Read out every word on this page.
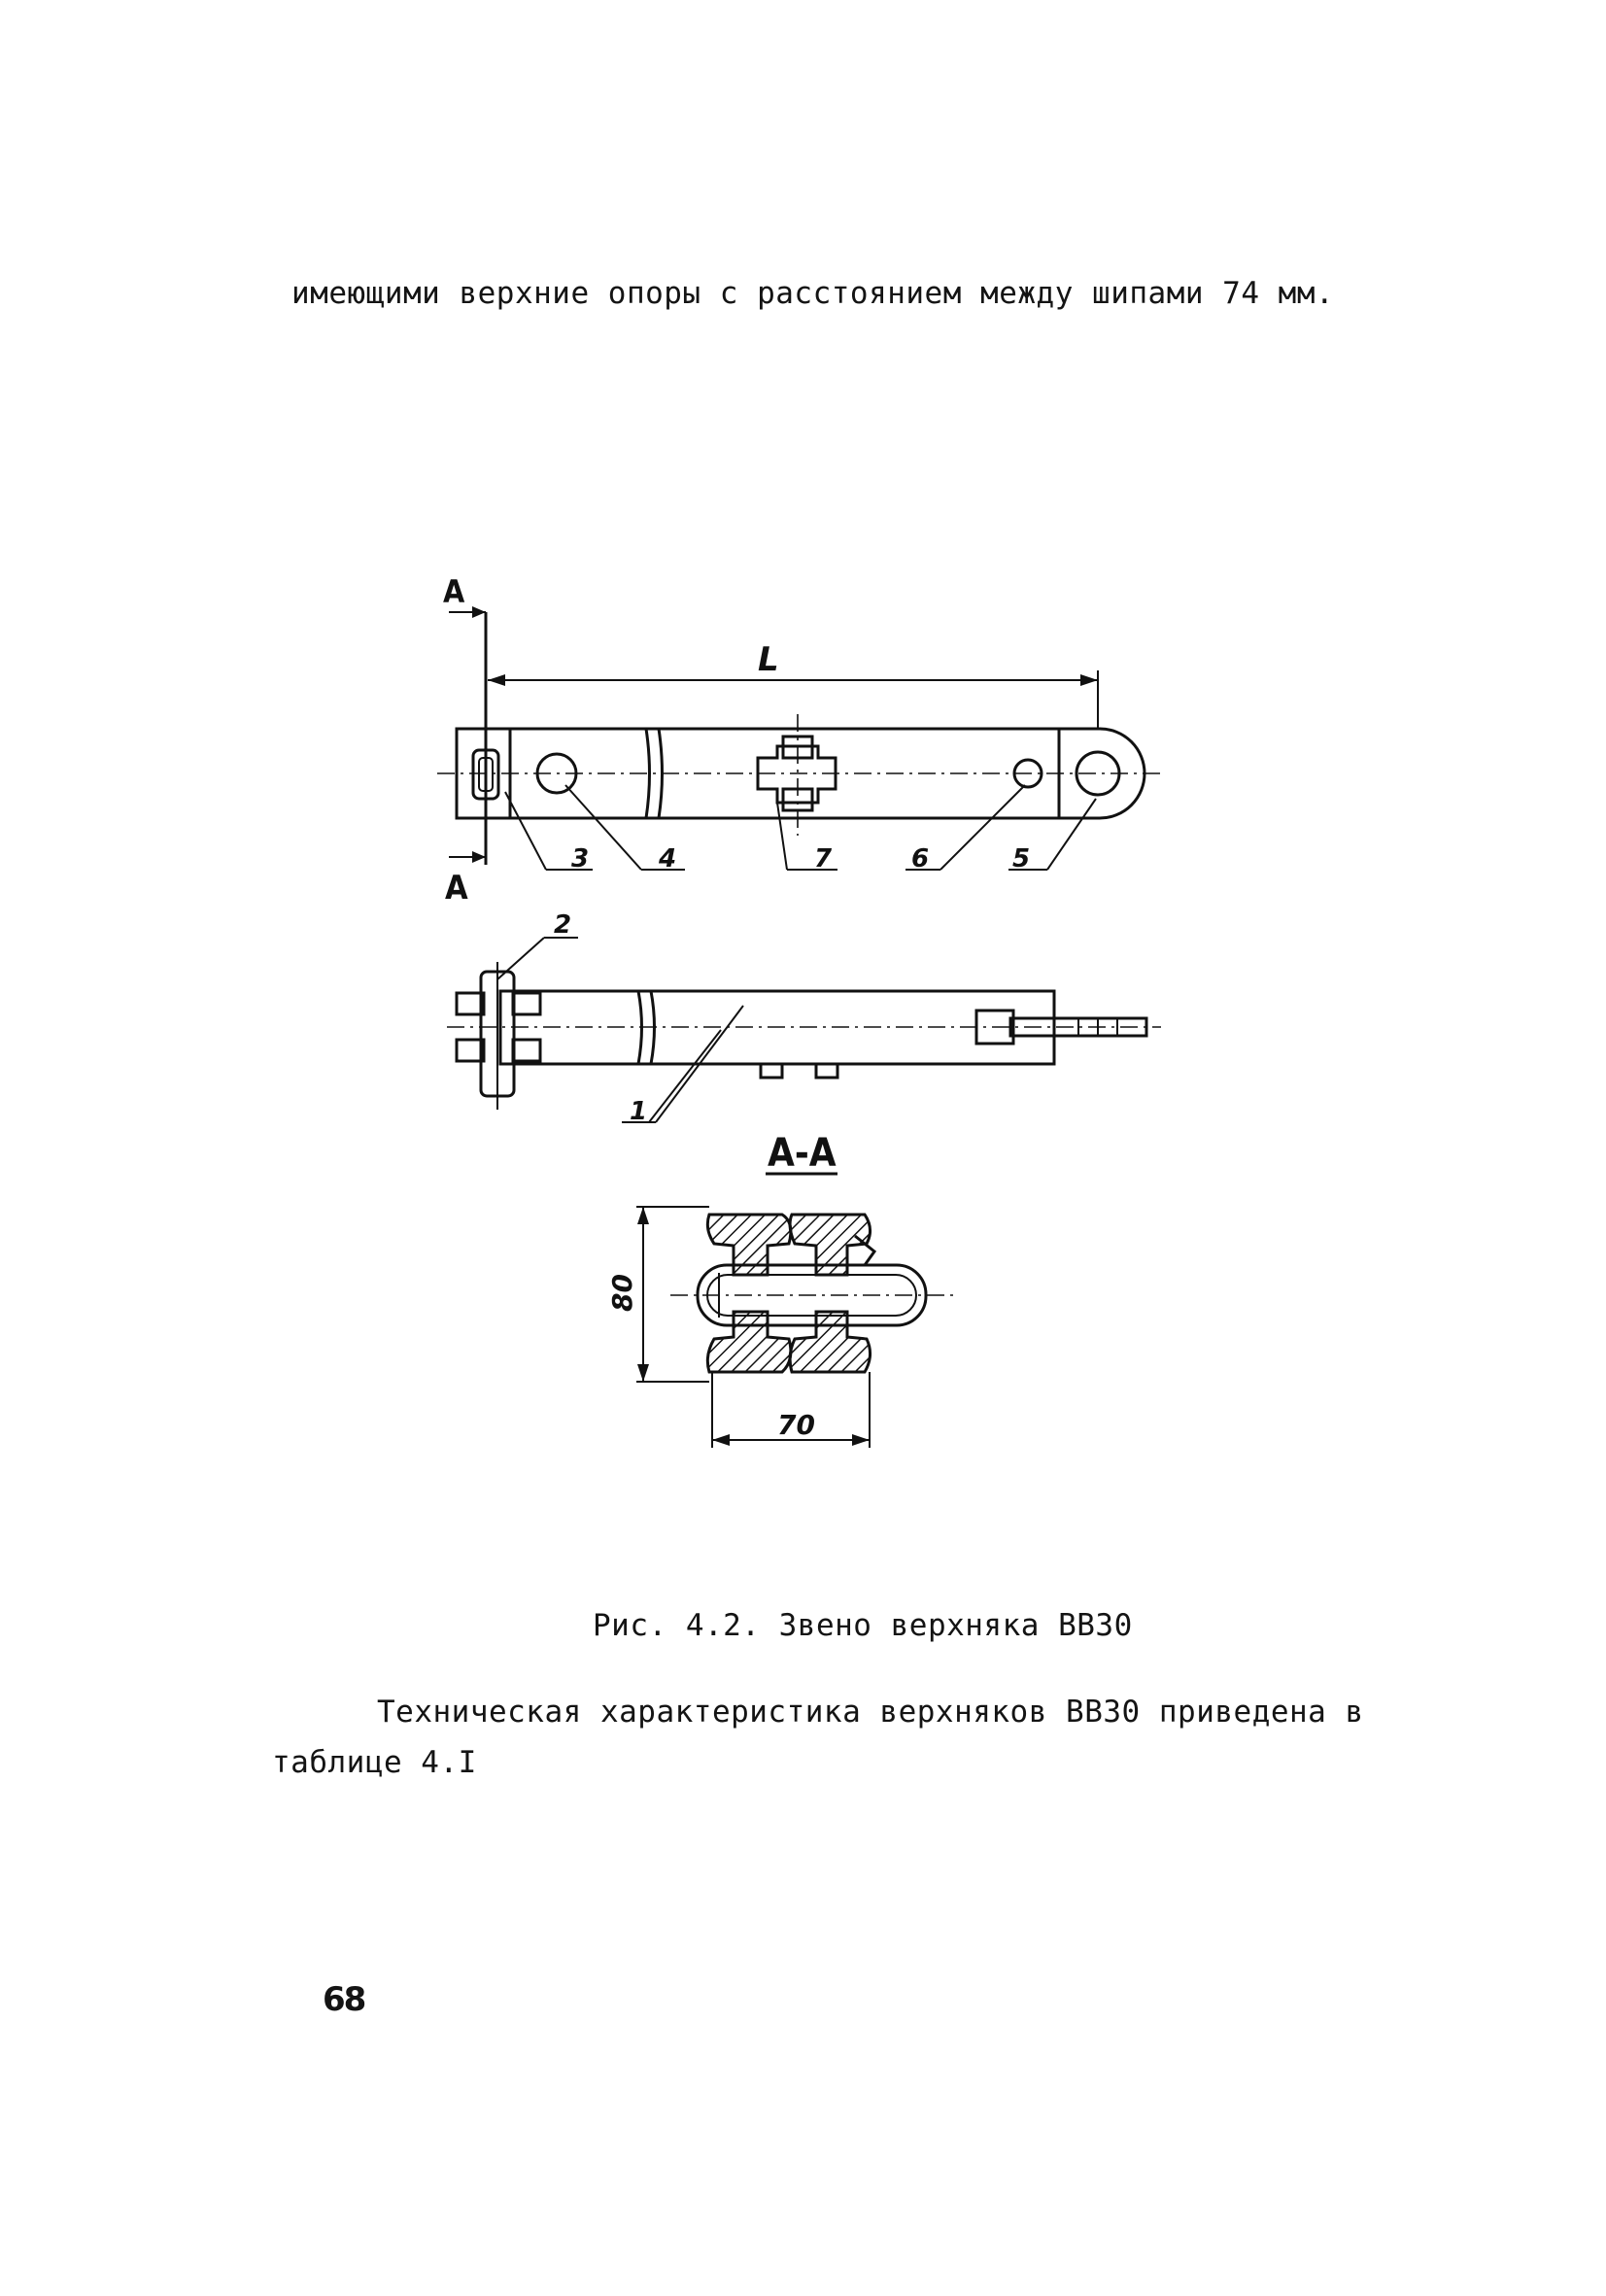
имеющими верхние опоры с расстоянием между шипами 74 мм.
А
А
L
3	4	7	6	5
2
1
А-А
80
70
Рис. 4.2. Звено верхняка ВВ30
Техническая характеристика верхняков ВВ30 приведена в
таблице 4.I
68
